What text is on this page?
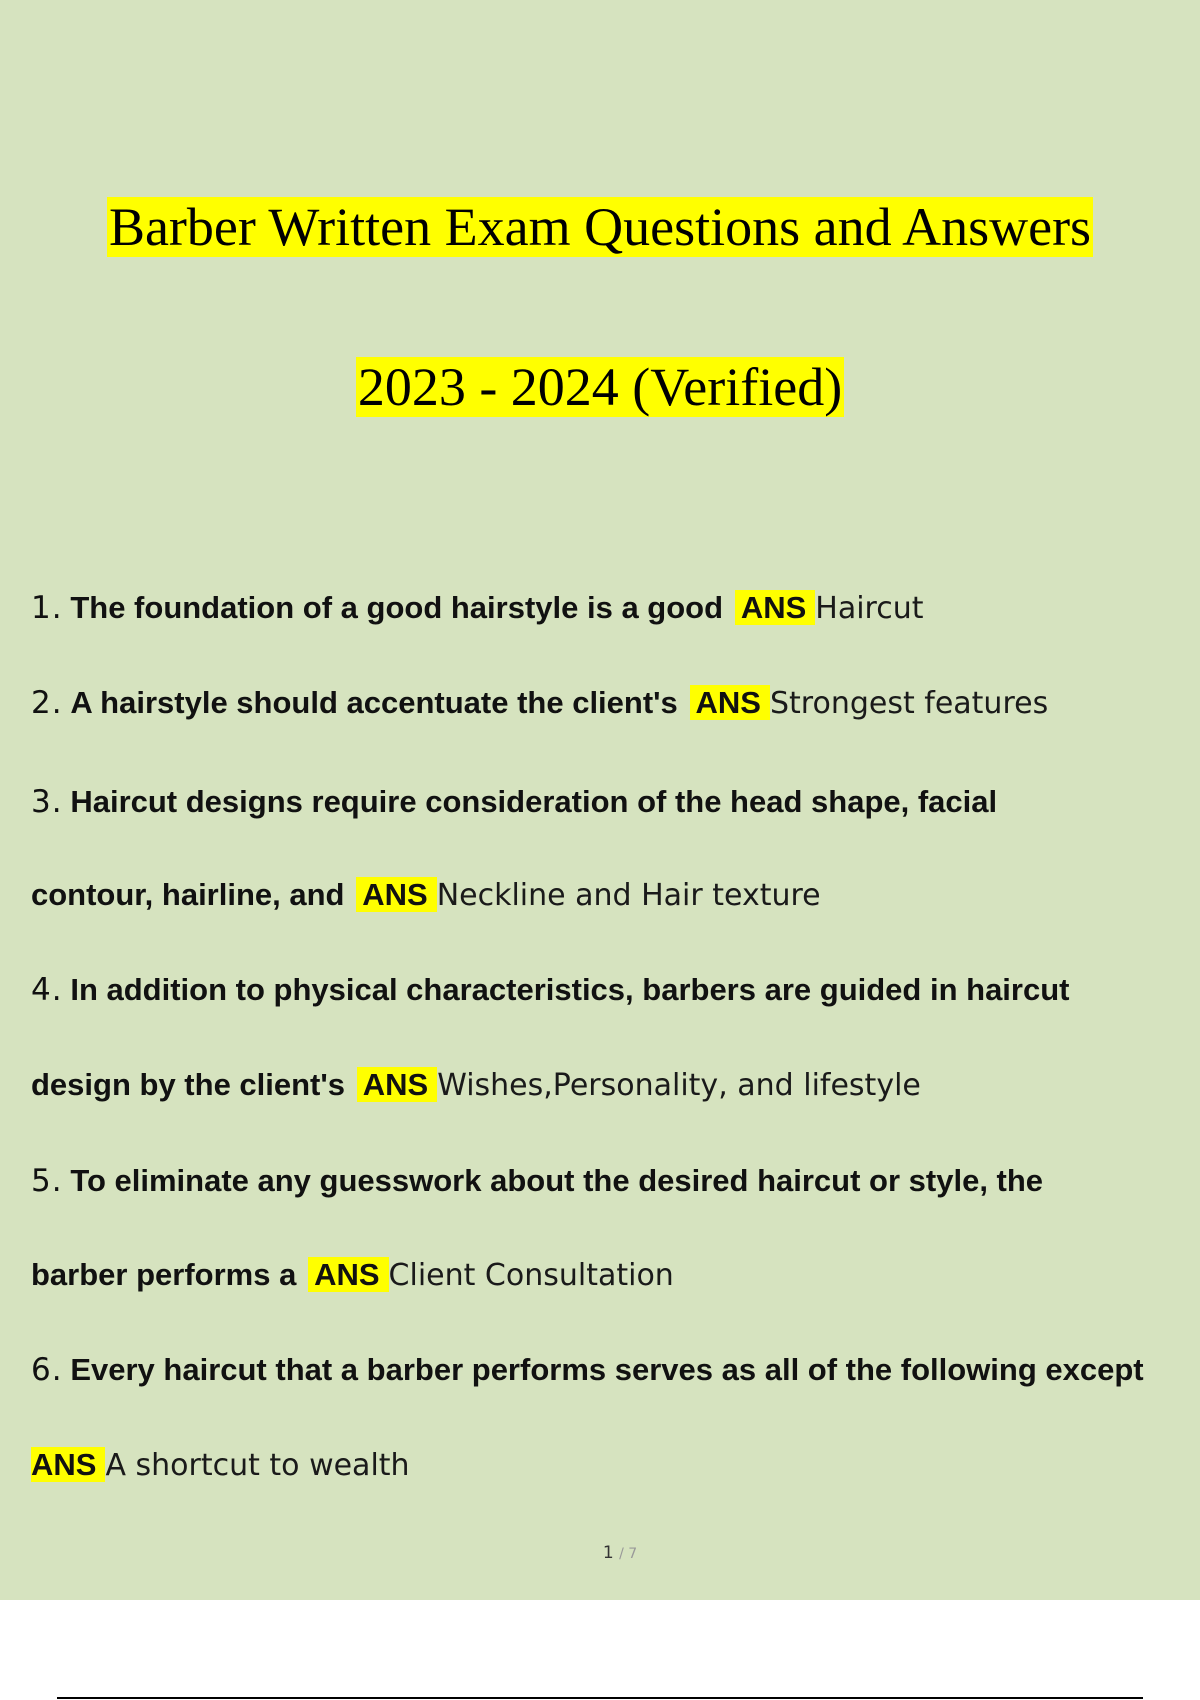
Barber Written Exam Questions and Answers
2023 - 2024 (Verified)
1. The foundation of a good hairstyle is a good ANS Haircut
2. A hairstyle should accentuate the client's ANS Strongest features
3. Haircut designs require consideration of the head shape, facial
contour, hairline, and ANS Neckline and Hair texture
4. In addition to physical characteristics, barbers are guided in haircut
design by the client's ANS Wishes,Personality, and lifestyle
5. To eliminate any guesswork about the desired haircut or style, the
barber performs a ANS Client Consultation
6. Every haircut that a barber performs serves as all of the following except
ANS A shortcut to wealth
1 / 7
